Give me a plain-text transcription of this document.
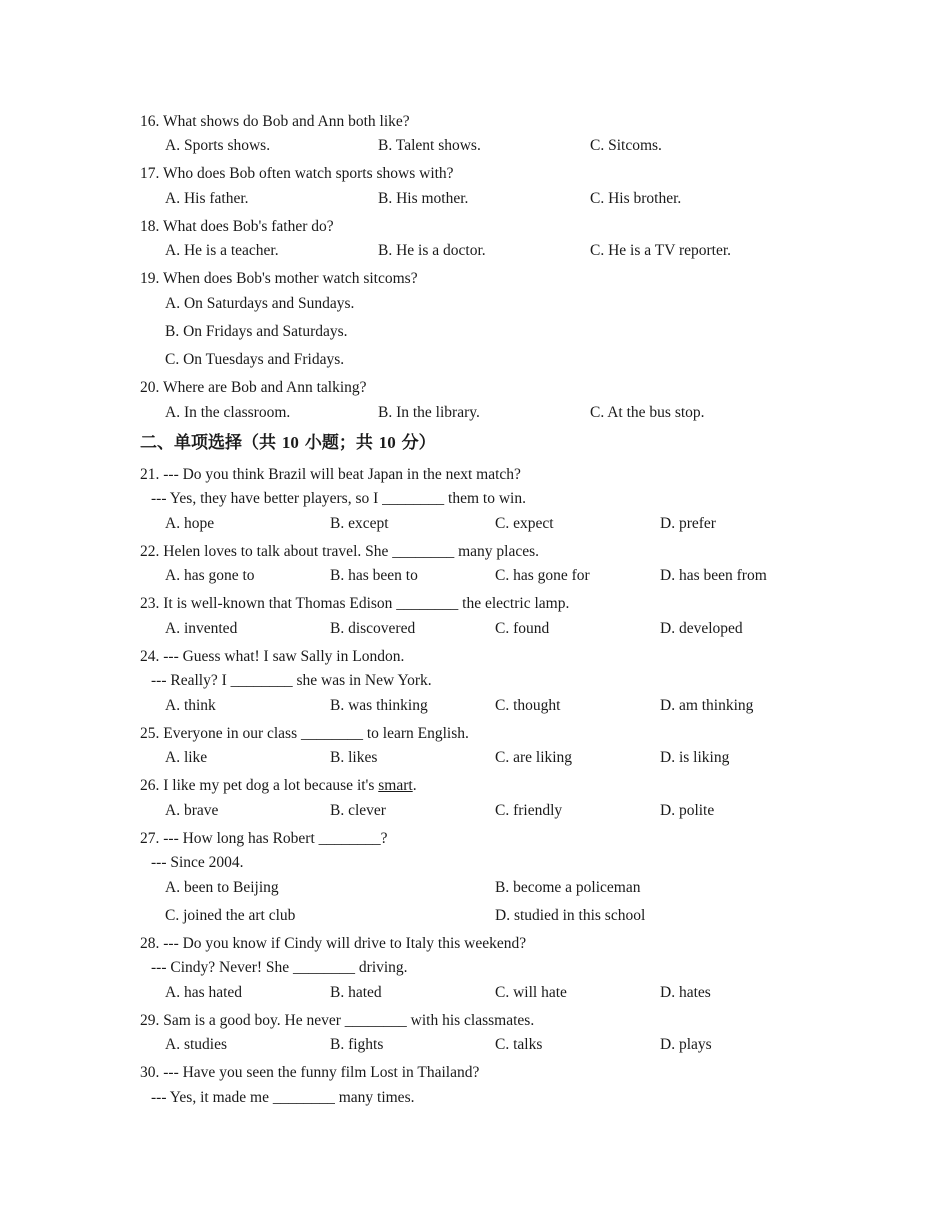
16. What shows do Bob and Ann both like?
A. Sports shows.	B. Talent shows.	C. Sitcoms.
17. Who does Bob often watch sports shows with?
A. His father.	B. His mother.	C. His brother.
18. What does Bob's father do?
A. He is a teacher.	B. He is a doctor.	C. He is a TV reporter.
19. When does Bob's mother watch sitcoms?
A. On Saturdays and Sundays.
B. On Fridays and Saturdays.
C. On Tuesdays and Fridays.
20. Where are Bob and Ann talking?
A. In the classroom.	B. In the library.	C. At the bus stop.
二、单项选择（共 10 小题；共 10 分）
21. --- Do you think Brazil will beat Japan in the next match?
--- Yes, they have better players, so I ________ them to win.
A. hope	B. except	C. expect	D. prefer
22. Helen loves to talk about travel. She ________ many places.
A. has gone to	B. has been to	C. has gone for	D. has been from
23. It is well-known that Thomas Edison ________ the electric lamp.
A. invented	B. discovered	C. found	D. developed
24. --- Guess what! I saw Sally in London.
--- Really? I ________ she was in New York.
A. think	B. was thinking	C. thought	D. am thinking
25. Everyone in our class ________ to learn English.
A. like	B. likes	C. are liking	D. is liking
26. I like my pet dog a lot because it's smart.
A. brave	B. clever	C. friendly	D. polite
27. --- How long has Robert ________?
--- Since 2004.
A. been to Beijing	B. become a policeman
C. joined the art club	D. studied in this school
28. --- Do you know if Cindy will drive to Italy this weekend?
--- Cindy? Never! She ________ driving.
A. has hated	B. hated	C. will hate	D. hates
29. Sam is a good boy. He never ________ with his classmates.
A. studies	B. fights	C. talks	D. plays
30. --- Have you seen the funny film Lost in Thailand?
--- Yes, it made me ________ many times.
